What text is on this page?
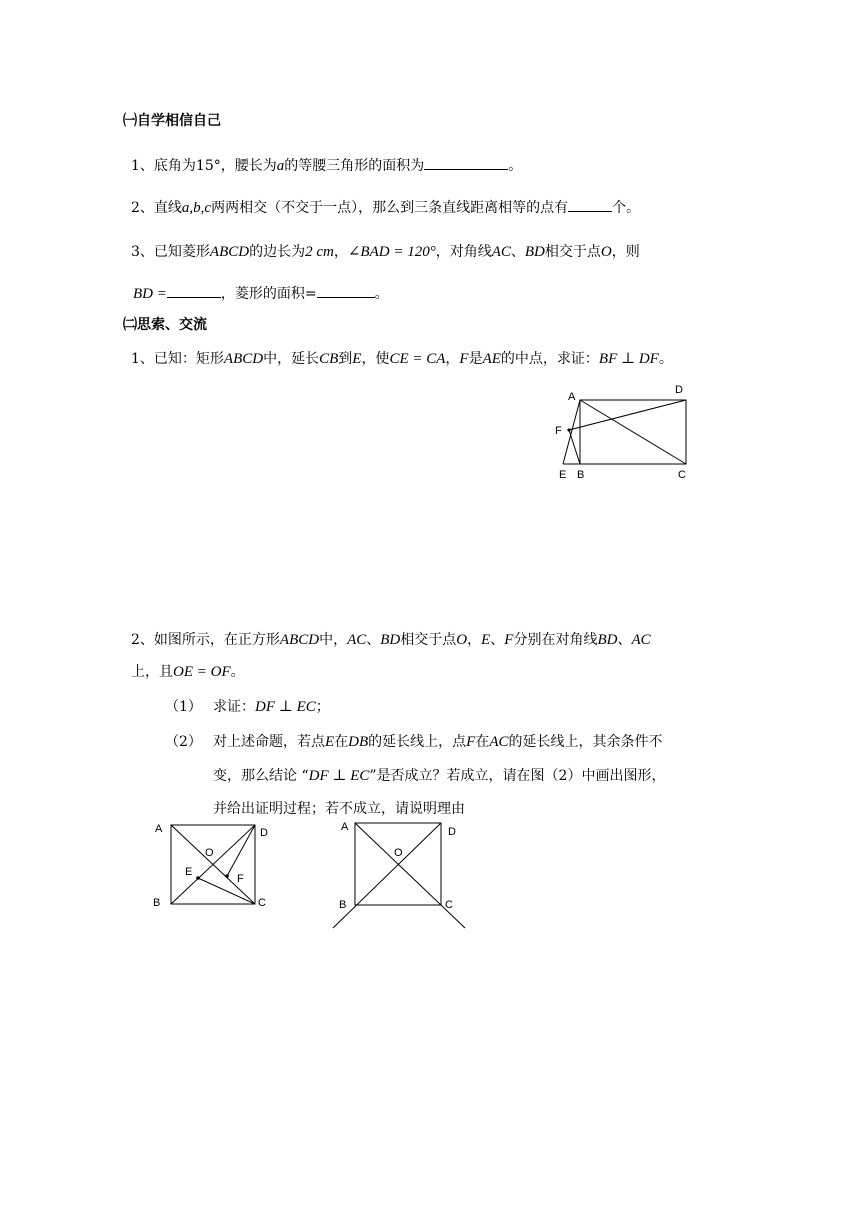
㈠自学相信自己
1、底角为15°，腰长为a的等腰三角形的面积为	。
2、直线a,b,c两两相交（不交于一点），那么到三条直线距离相等的点有	个。
3、已知菱形ABCD的边长为2 cm，∠BAD = 120°，对角线AC、BD相交于点O，则
BD =	，菱形的面积=	。
㈡思索、交流
1、已知：矩形ABCD中，延长CB到E，使CE = CA，F是AE的中点，求证：BF ⊥ DF。
A
D
F
E B	C
2、如图所示，在正方形ABCD中，AC、BD相交于点O，E、F分别在对角线BD、AC
上，且OE = OF。
（1） 求证：DF ⊥ EC；
（2） 对上述命题，若点E在DB的延长线上，点F在AC的延长线上，其余条件不
变，那么结论 “DF ⊥ EC”是否成立？若成立，请在图（2）中画出图形，
并给出证明过程；若不成立，请说明理由
A	D
O
E
F
B	C
A	D
O
B	C
